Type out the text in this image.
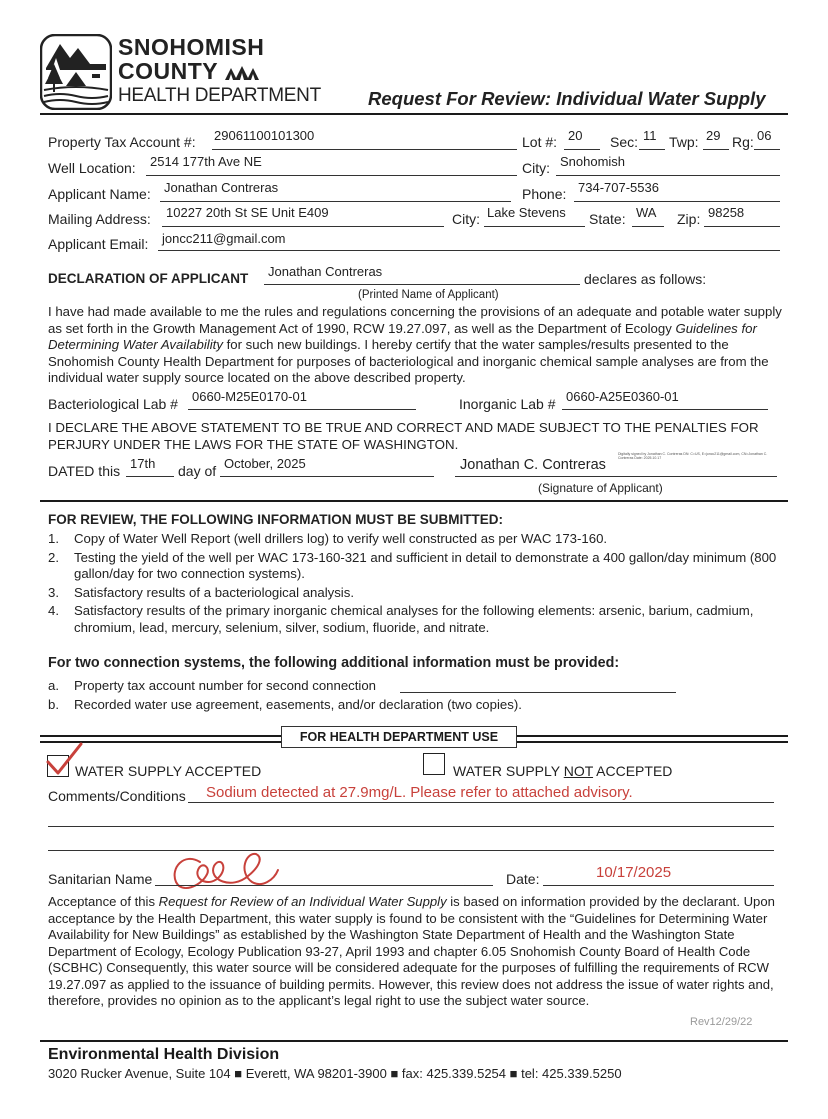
SNOHOMISH
COUNTY
HEALTH DEPARTMENT	Request For Review: Individual Water Supply
Property Tax Account #: 29061100101300	Lot #: 20 Sec: 11 Twp: 29 Rg: 06
Well Location: 2514 177th Ave NE	City: Snohomish
Applicant Name: Jonathan Contreras	Phone: 734-707-5536
Mailing Address: 10227 20th St SE Unit E409	City: Lake Stevens State: WA Zip: 98258
Applicant Email: joncc211@gmail.com
DECLARATION OF APPLICANT Jonathan Contreras	declares as follows:
(Printed Name of Applicant)
I have had made available to me the rules and regulations concerning the provisions of an adequate and potable water supply as set forth in the Growth Management Act of 1990, RCW 19.27.097, as well as the Department of Ecology Guidelines for Determining Water Availability for such new buildings. I hereby certify that the water samples/results presented to the Snohomish County Health Department for purposes of bacteriological and inorganic chemical sample analyses are from the individual water supply source located on the above described property.
Bacteriological Lab # 0660-M25E0170-01	Inorganic Lab # 0660-A25E0360-01
I DECLARE THE ABOVE STATEMENT TO BE TRUE AND CORRECT AND MADE SUBJECT TO THE PENALTIES FOR PERJURY UNDER THE LAWS FOR THE STATE OF WASHINGTON.
DATED this 17th day of October, 2025	Jonathan C. Contreras
Digitally signed by Jonathan C. Contreras DN: C=US, E=joncc211@gmail.com, CN=Jonathan C. Contreras Date: 2025.10.17
(Signature of Applicant)
FOR REVIEW, THE FOLLOWING INFORMATION MUST BE SUBMITTED:
1.	Copy of Water Well Report (well drillers log) to verify well constructed as per WAC 173-160.
2.	Testing the yield of the well per WAC 173-160-321 and sufficient in detail to demonstrate a 400 gallon/day minimum (800 gallon/day for two connection systems).
3.	Satisfactory results of a bacteriological analysis.
4.	Satisfactory results of the primary inorganic chemical analyses for the following elements: arsenic, barium, cadmium, chromium, lead, mercury, selenium, silver, sodium, fluoride, and nitrate.
For two connection systems, the following additional information must be provided:
a.	Property tax account number for second connection
b.	Recorded water use agreement, easements, and/or declaration (two copies).
FOR HEALTH DEPARTMENT USE
WATER SUPPLY ACCEPTED	WATER SUPPLY NOT ACCEPTED
Comments/Conditions Sodium detected at 27.9mg/L. Please refer to attached advisory.
Sanitarian Name	Date:	10/17/2025
Acceptance of this Request for Review of an Individual Water Supply is based on information provided by the declarant. Upon acceptance by the Health Department, this water supply is found to be consistent with the “Guidelines for Determining Water Availability for New Buildings” as established by the Washington State Department of Health and the Washington State Department of Ecology, Ecology Publication 93-27, April 1993 and chapter 6.05 Snohomish County Board of Health Code (SCBHC) Consequently, this water source will be considered adequate for the purposes of fulfilling the requirements of RCW 19.27.097 as applied to the issuance of building permits. However, this review does not address the issue of water rights and, therefore, provides no opinion as to the applicant’s legal right to use the subject water source.
Rev12/29/22
Environmental Health Division
3020 Rucker Avenue, Suite 104 ■ Everett, WA 98201-3900 ■ fax: 425.339.5254 ■ tel: 425.339.5250
